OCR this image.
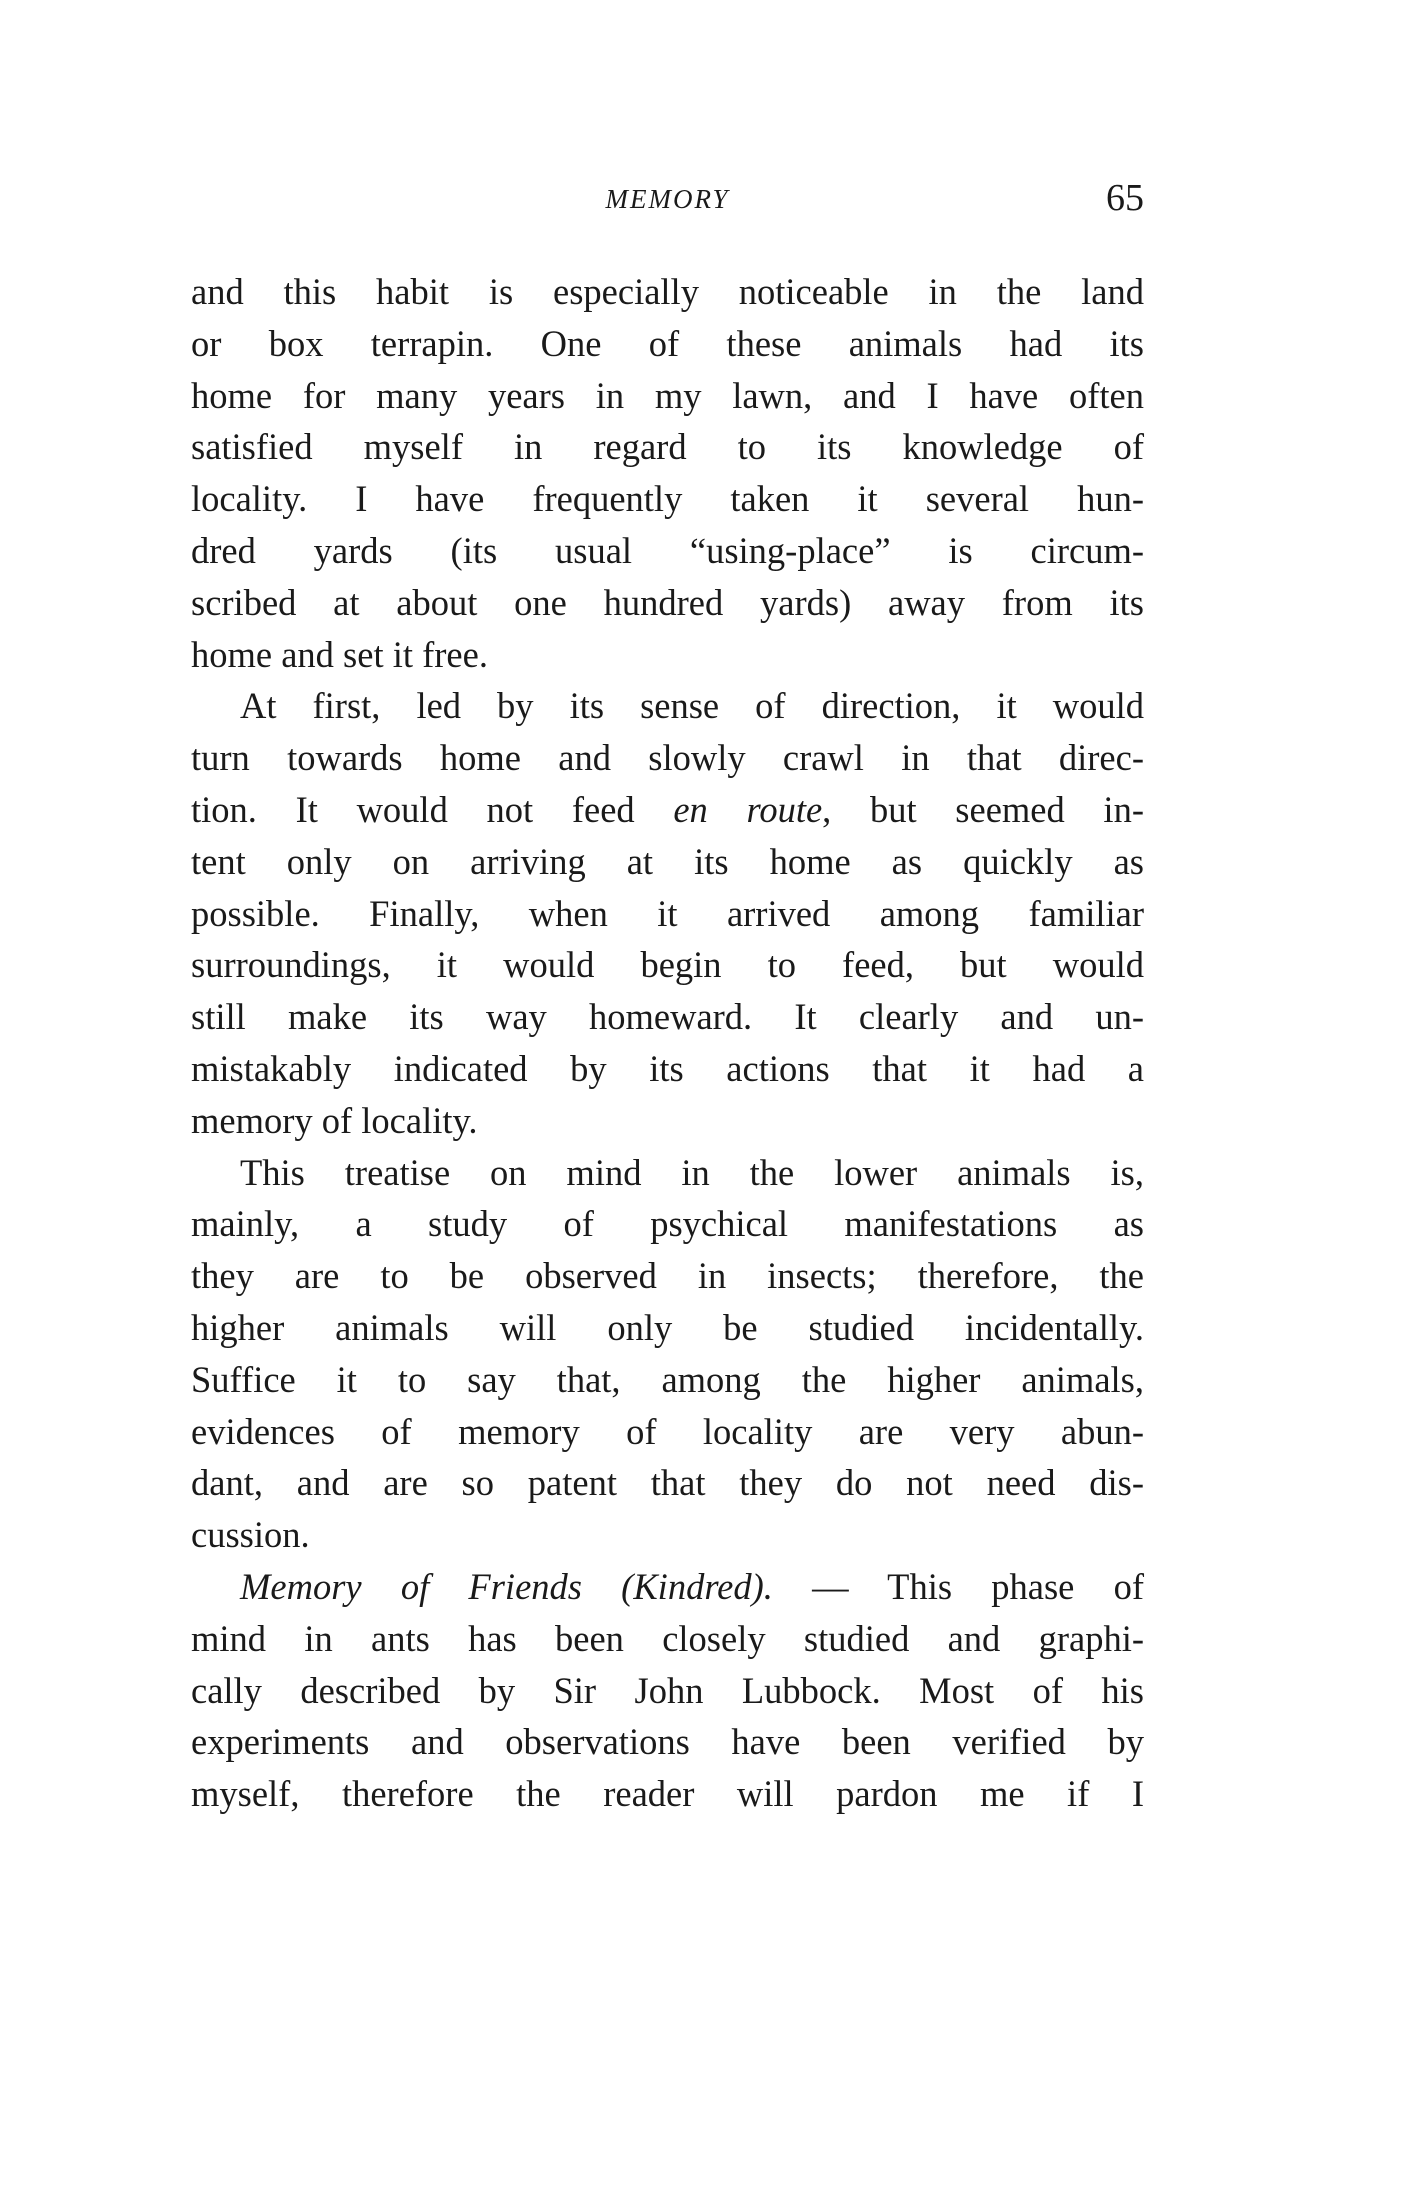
MEMORY	65
and this habit is especially noticeable in the land
or box terrapin. One of these animals had its
home for many years in my lawn, and I have often
satisfied myself in regard to its knowledge of
locality. I have frequently taken it several hun-
dred yards (its usual “using-place” is circum-
scribed at about one hundred yards) away from its
home and set it free.
At first, led by its sense of direction, it would
turn towards home and slowly crawl in that direc-
tion. It would not feed en route, but seemed in-
tent only on arriving at its home as quickly as
possible. Finally, when it arrived among familiar
surroundings, it would begin to feed, but would
still make its way homeward. It clearly and un-
mistakably indicated by its actions that it had a
memory of locality.
This treatise on mind in the lower animals is,
mainly, a study of psychical manifestations as
they are to be observed in insects; therefore, the
higher animals will only be studied incidentally.
Suffice it to say that, among the higher animals,
evidences of memory of locality are very abun-
dant, and are so patent that they do not need dis-
cussion.
Memory of Friends (Kindred). — This phase of
mind in ants has been closely studied and graphi-
cally described by Sir John Lubbock. Most of his
experiments and observations have been verified by
myself, therefore the reader will pardon me if I
